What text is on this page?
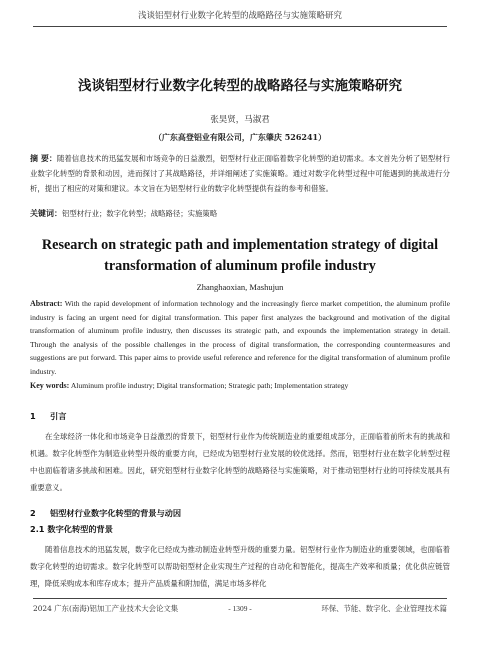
浅谈铝型材行业数字化转型的战略路径与实施策略研究
浅谈铝型材行业数字化转型的战略路径与实施策略研究
张昊贤，马淑君
（广东高登铝业有限公司，广东肇庆 526241）
摘 要：随着信息技术的迅猛发展和市场竞争的日益激烈，铝型材行业正面临着数字化转型的迫切需求。本文首先分析了铝型材行业数字化转型的背景和动因，进而探讨了其战略路径，并详细阐述了实施策略。通过对数字化转型过程中可能遇到的挑战进行分析，提出了相应的对策和建议。本文旨在为铝型材行业的数字化转型提供有益的参考和借鉴。
关键词：铝型材行业；数字化转型；战略路径；实施策略
Research on strategic path and implementation strategy of digital transformation of aluminum profile industry
Zhanghaoxian, Mashujun
Abstract: With the rapid development of information technology and the increasingly fierce market competition, the aluminum profile industry is facing an urgent need for digital transformation. This paper first analyzes the background and motivation of the digital transformation of aluminum profile industry, then discusses its strategic path, and expounds the implementation strategy in detail. Through the analysis of the possible challenges in the process of digital transformation, the corresponding countermeasures and suggestions are put forward. This paper aims to provide useful reference and reference for the digital transformation of aluminum profile industry.
Key words: Aluminum profile industry; Digital transformation; Strategic path; Implementation strategy
1 引言
在全球经济一体化和市场竞争日益激烈的背景下，铝型材行业作为传统制造业的重要组成部分，正面临着前所未有的挑战和机遇。数字化转型作为制造业转型升级的重要方向，已经成为铝型材行业发展的较优选择。然而，铝型材行业在数字化转型过程中也面临着诸多挑战和困难。因此，研究铝型材行业数字化转型的战略路径与实施策略，对于推动铝型材行业的可持续发展具有重要意义。
2 铝型材行业数字化转型的背景与动因
2.1 数字化转型的背景
随着信息技术的迅猛发展，数字化已经成为推动制造业转型升级的重要力量。铝型材行业作为制造业的重要领域，也面临着数字化转型的迫切需求。数字化转型可以帮助铝型材企业实现生产过程的自动化和智能化，提高生产效率和质量；优化供应链管理，降低采购成本和库存成本；提升产品质量和附加值，满足市场多样化
2024 广东(南海)铝加工产业技术大会论文集	- 1309 -	环保、节能、数字化、企业管理技术篇
